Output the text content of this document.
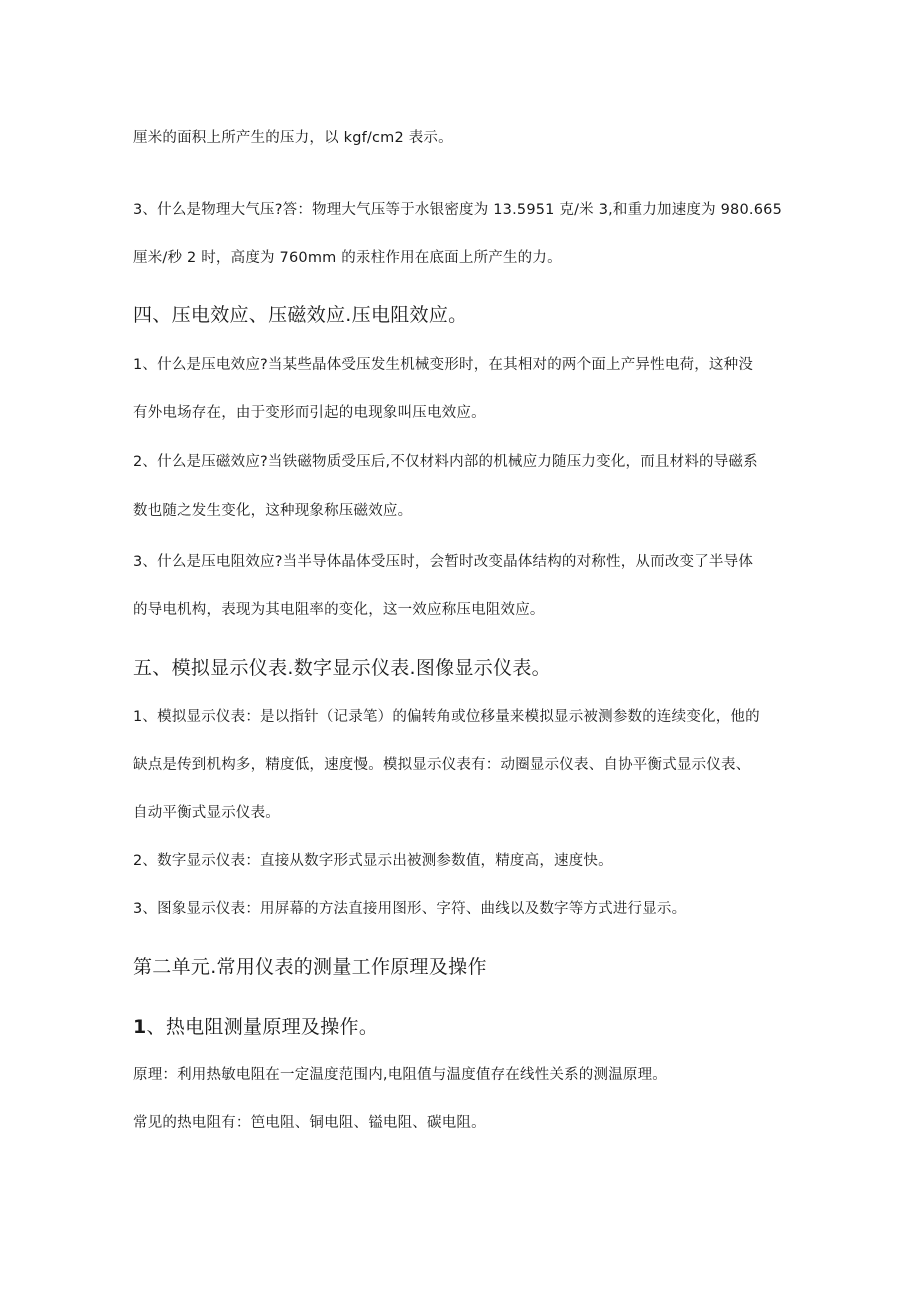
厘米的面积上所产生的压力，以 kgf/cm2 表示。
3、什么是物理大气压?答：物理大气压等于水银密度为 13.5951 克/米 3,和重力加速度为 980.665
厘米/秒 2 时，高度为 760mm 的汞柱作用在底面上所产生的力。
四、压电效应、压磁效应.压电阻效应。
1、什么是压电效应?当某些晶体受压发生机械变形时，在其相对的两个面上产异性电荷，这种没
有外电场存在，由于变形而引起的电现象叫压电效应。
2、什么是压磁效应?当铁磁物质受压后,不仅材料内部的机械应力随压力变化，而且材料的导磁系
数也随之发生变化，这种现象称压磁效应。
3、什么是压电阻效应?当半导体晶体受压时，会暂时改变晶体结构的对称性，从而改变了半导体
的导电机构，表现为其电阻率的变化，这一效应称压电阻效应。
五、模拟显示仪表.数字显示仪表.图像显示仪表。
1、模拟显示仪表：是以指针（记录笔）的偏转角或位移量来模拟显示被测参数的连续变化，他的
缺点是传到机构多，精度低，速度慢。模拟显示仪表有：动圈显示仪表、自协平衡式显示仪表、
自动平衡式显示仪表。
2、数字显示仪表：直接从数字形式显示出被测参数值，精度高，速度快。
3、图象显示仪表：用屏幕的方法直接用图形、字符、曲线以及数字等方式进行显示。
第二单元.常用仪表的测量工作原理及操作
1、热电阻测量原理及操作。
原理：利用热敏电阻在一定温度范围内,电阻值与温度值存在线性关系的测温原理。
常见的热电阻有：笆电阻、铜电阻、镒电阻、碳电阻。
